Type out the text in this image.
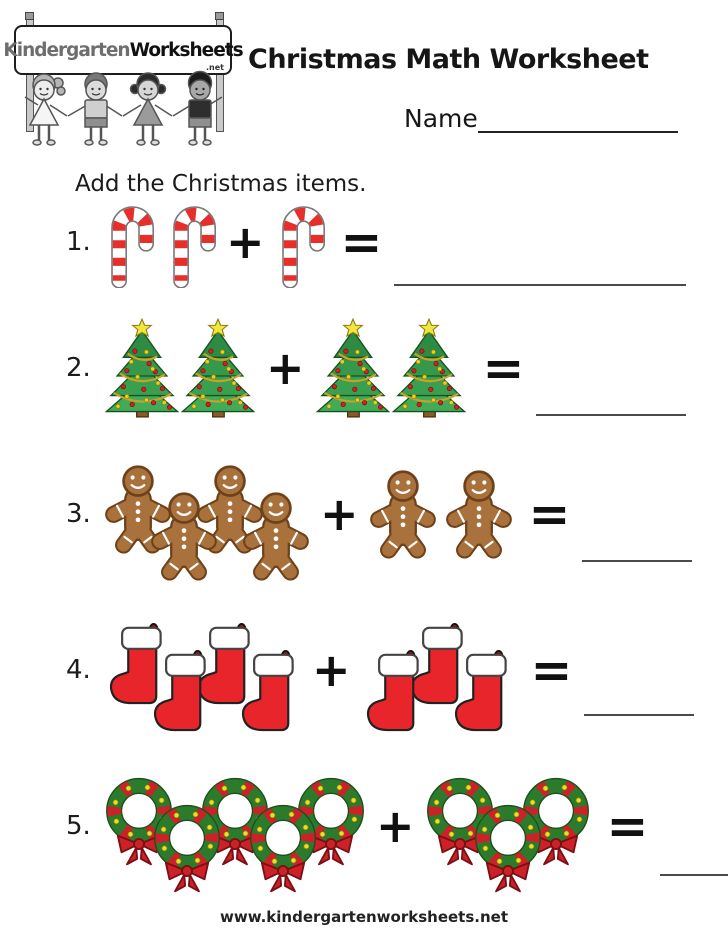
KindergartenWorksheets
.net Christmas Math Worksheet
Name

Add the Christmas items.

1.	+ =
2.	+	=
3.	+	=
4.	+	=
5.	+	=
www.kindergartenworksheets.net
